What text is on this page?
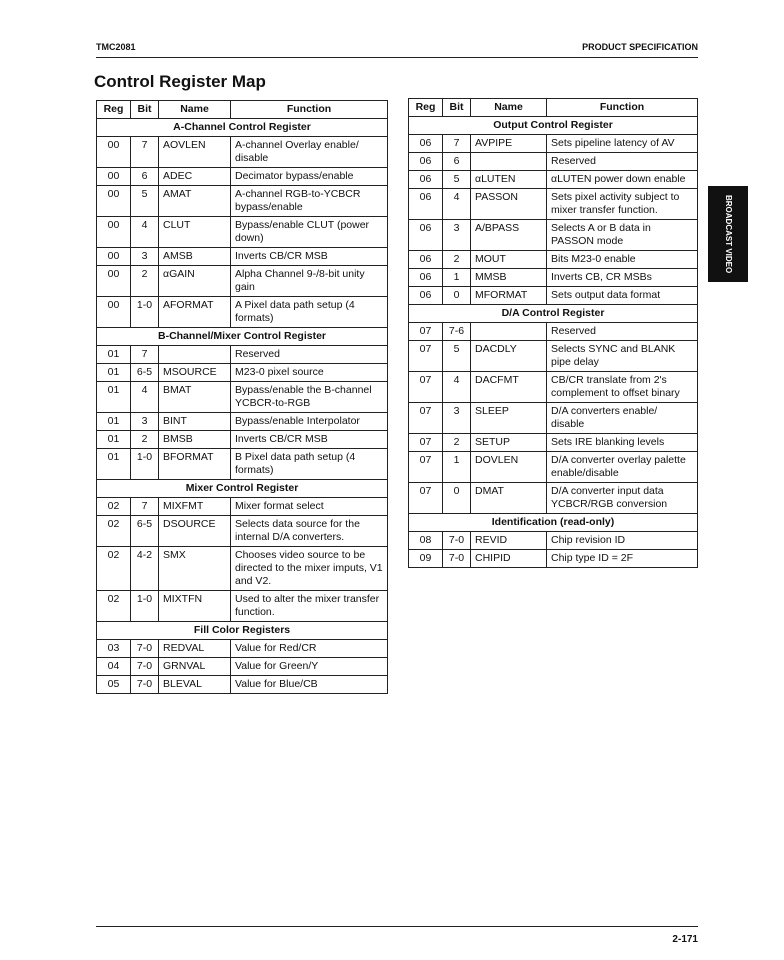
TMC2081	PRODUCT SPECIFICATION
Control Register Map
BROADCAST VIDEO
Reg	Bit	Name	Function
A-Channel Control Register			
00	7	AOVLEN	A-channel Overlay enable/ disable
00	6	ADEC	Decimator bypass/enable
00	5	AMAT	A-channel RGB-to-YCBCR bypass/enable
00	4	CLUT	Bypass/enable CLUT (power down)
00	3	AMSB	Inverts CB/CR MSB
00	2	αGAIN	Alpha Channel 9-/8-bit unity gain
00	1-0	AFORMAT	A Pixel data path setup (4 formats)
B-Channel/Mixer Control Register			
01	7		Reserved
01	6-5	MSOURCE	M23-0 pixel source
01	4	BMAT	Bypass/enable the B-channel YCBCR-to-RGB
01	3	BINT	Bypass/enable Interpolator
01	2	BMSB	Inverts CB/CR MSB
01	1-0	BFORMAT	B Pixel data path setup (4 formats)
Mixer Control Register			
02	7	MIXFMT	Mixer format select
02	6-5	DSOURCE	Selects data source for the internal D/A converters.
02	4-2	SMX	Chooses video source to be directed to the mixer imputs, V1 and V2.
02	1-0	MIXTFN	Used to alter the mixer transfer function.
Fill Color Registers			
03	7-0	REDVAL	Value for Red/CR
04	7-0	GRNVAL	Value for Green/Y
05	7-0	BLEVAL	Value for Blue/CB
Reg	Bit	Name	Function
Output Control Register			
06	7	AVPIPE	Sets pipeline latency of AV
06	6		Reserved
06	5	αLUTEN	αLUTEN power down enable
06	4	PASSON	Sets pixel activity subject to mixer transfer function.
06	3	A/BPASS	Selects A or B data in PASSON mode
06	2	MOUT	Bits M23-0 enable
06	1	MMSB	Inverts CB, CR MSBs
06	0	MFORMAT	Sets output data format
D/A Control Register			
07	7-6		Reserved
07	5	DACDLY	Selects SYNC and BLANK pipe delay
07	4	DACFMT	CB/CR translate from 2's complement to offset binary
07	3	SLEEP	D/A converters enable/ disable
07	2	SETUP	Sets IRE blanking levels
07	1	DOVLEN	D/A converter overlay palette enable/disable
07	0	DMAT	D/A converter input data YCBCR/RGB conversion
Identification (read-only)			
08	7-0	REVID	Chip revision ID
09	7-0	CHIPID	Chip type ID = 2F
2-171
